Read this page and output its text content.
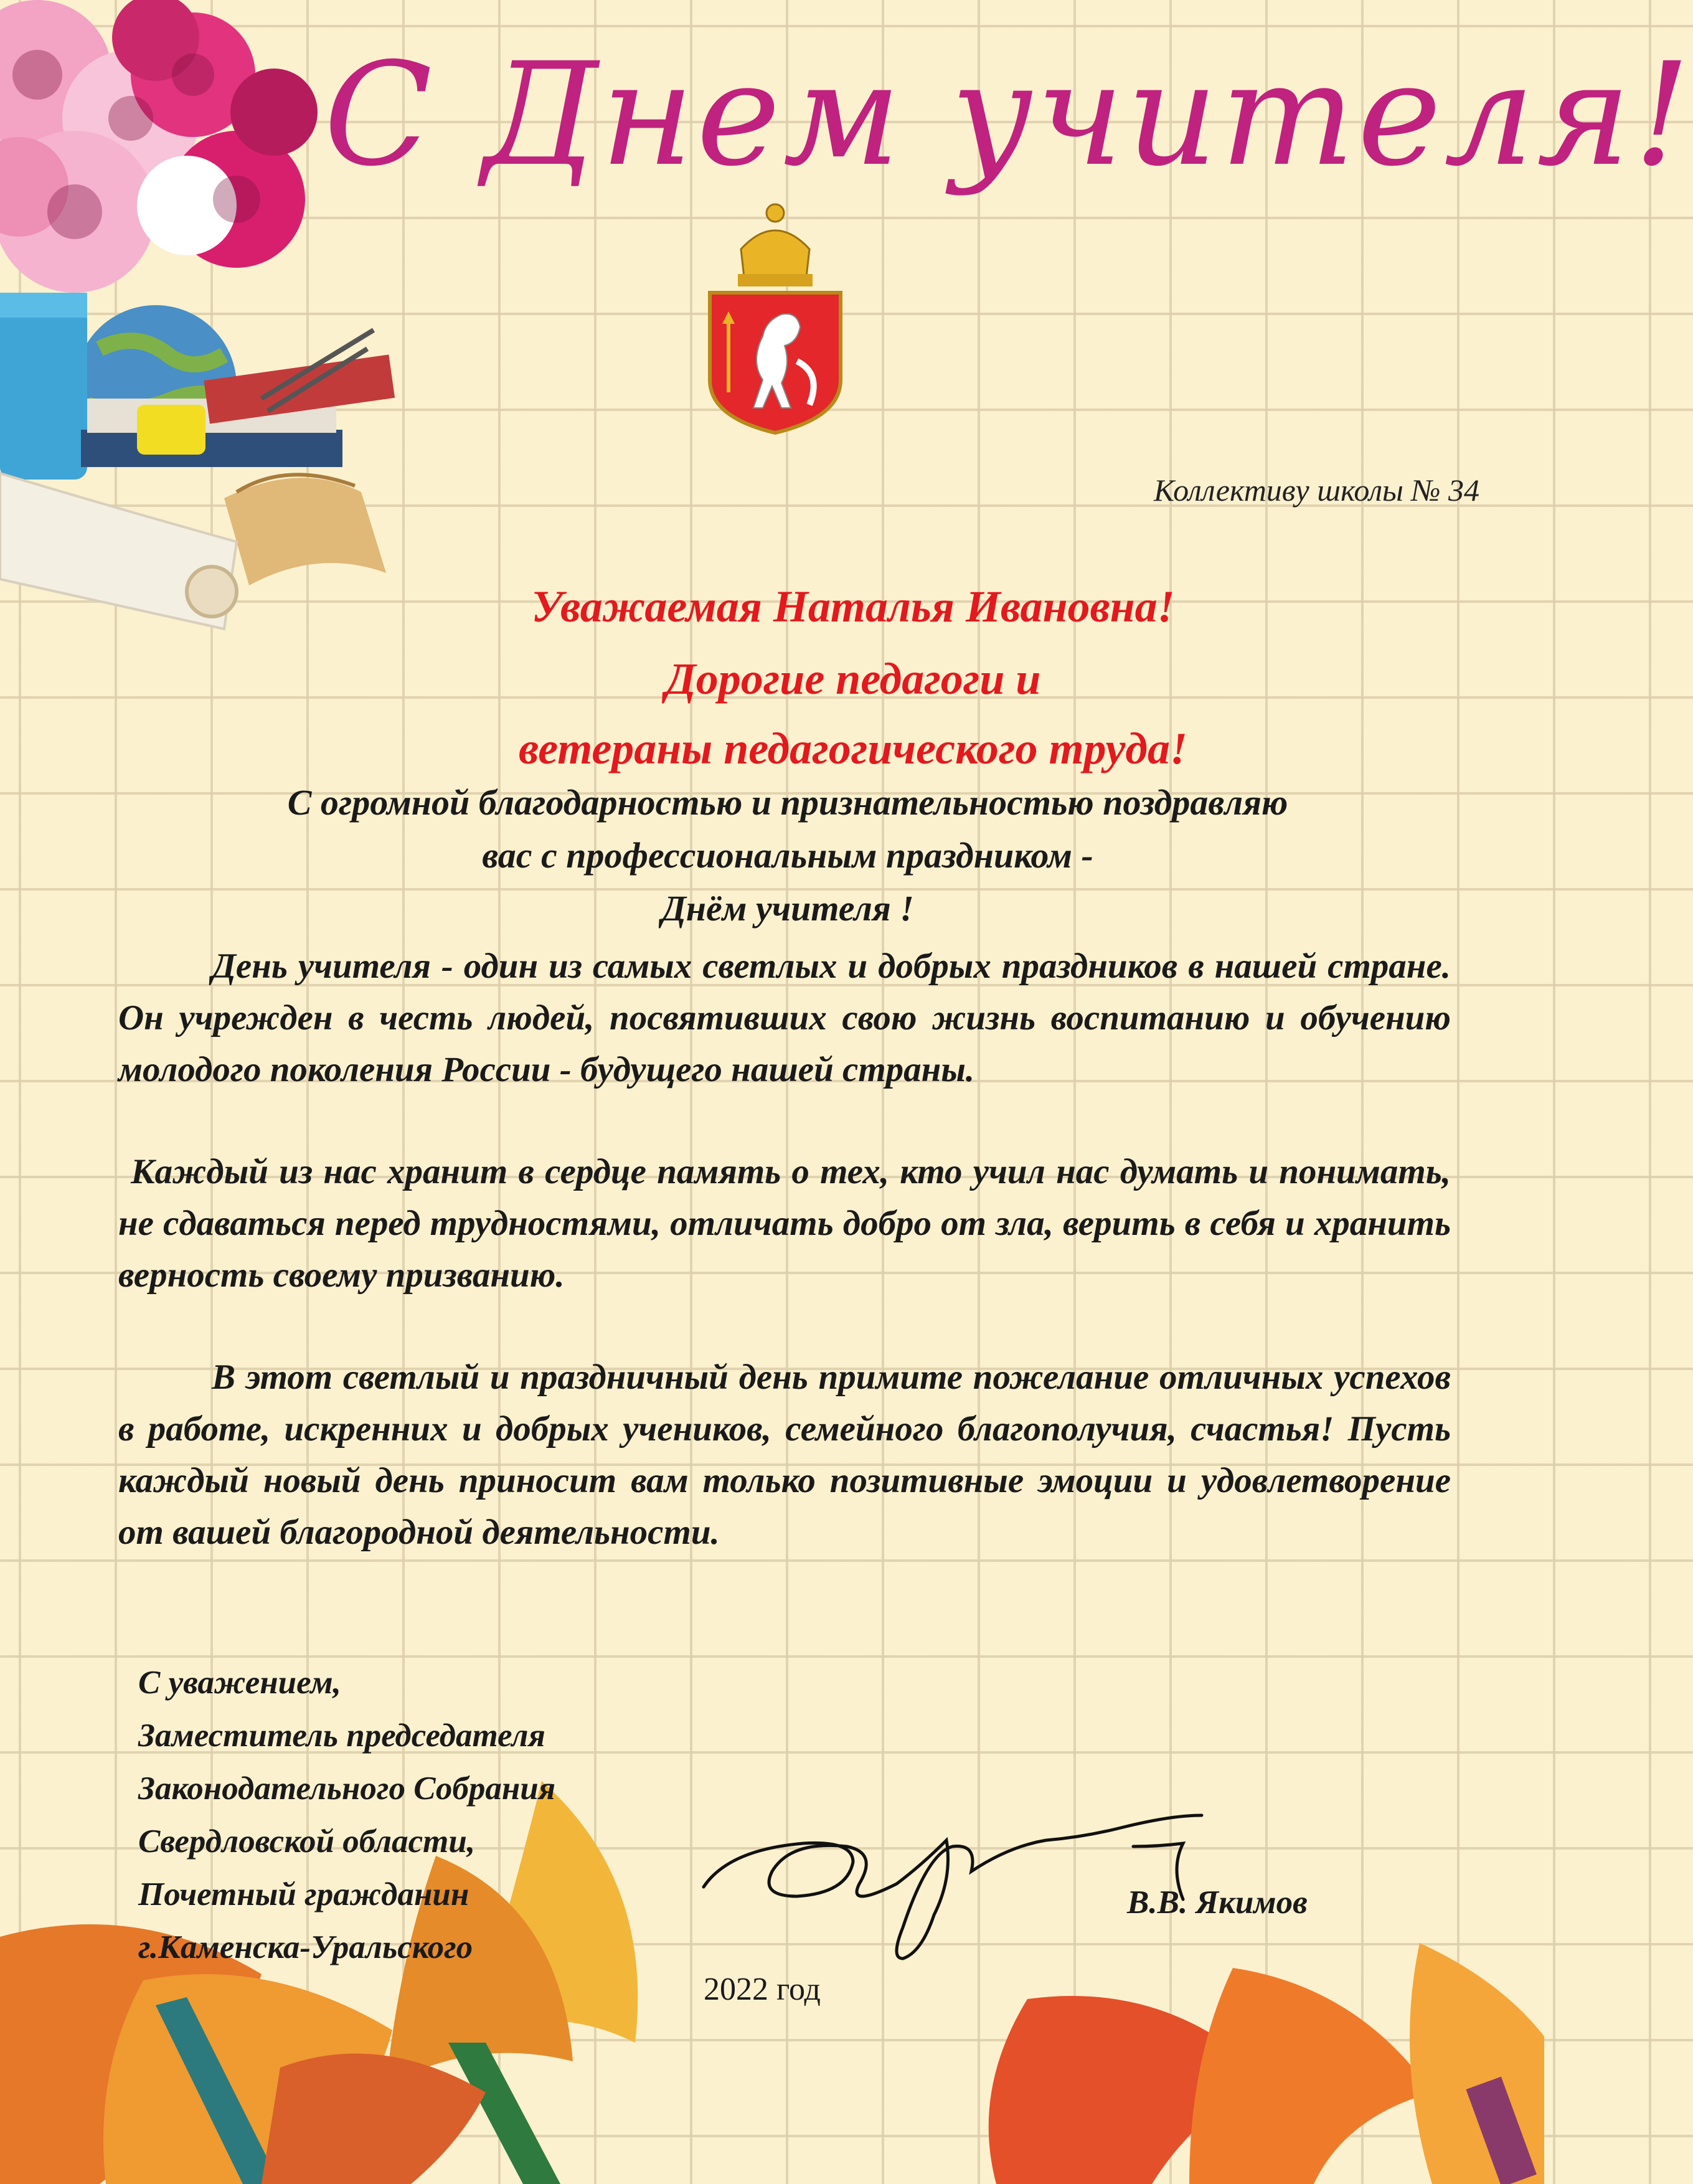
С Днем учителя!
Коллективу школы № 34
Уважаемая Наталья Ивановна!
Дорогие педагоги и
ветераны педагогического труда!
С огромной благодарностью и признательностью поздравляю
вас с профессиональным праздником -
Днём учителя !

День учителя - один из самых светлых и добрых праздников в нашей стране. Он учрежден в честь людей, посвятивших свою жизнь воспитанию и обучению молодого поколения России - будущего нашей страны.

Каждый из нас хранит в сердце память о тех, кто учил нас думать и понимать, не сдаваться перед трудностями, отличать добро от зла, верить в себя и хранить верность своему призванию.

В этот светлый и праздничный день примите пожелание отличных успехов в работе, искренних и добрых учеников, семейного благополучия, счастья! Пусть каждый новый день приносит вам только позитивные эмоции и удовлетворение от вашей благородной деятельности.

С уважением,
Заместитель председателя
Законодательного Собрания
Свердловской области,
Почетный гражданин
г.Каменска-Уральского
В.В. Якимов
2022 год
